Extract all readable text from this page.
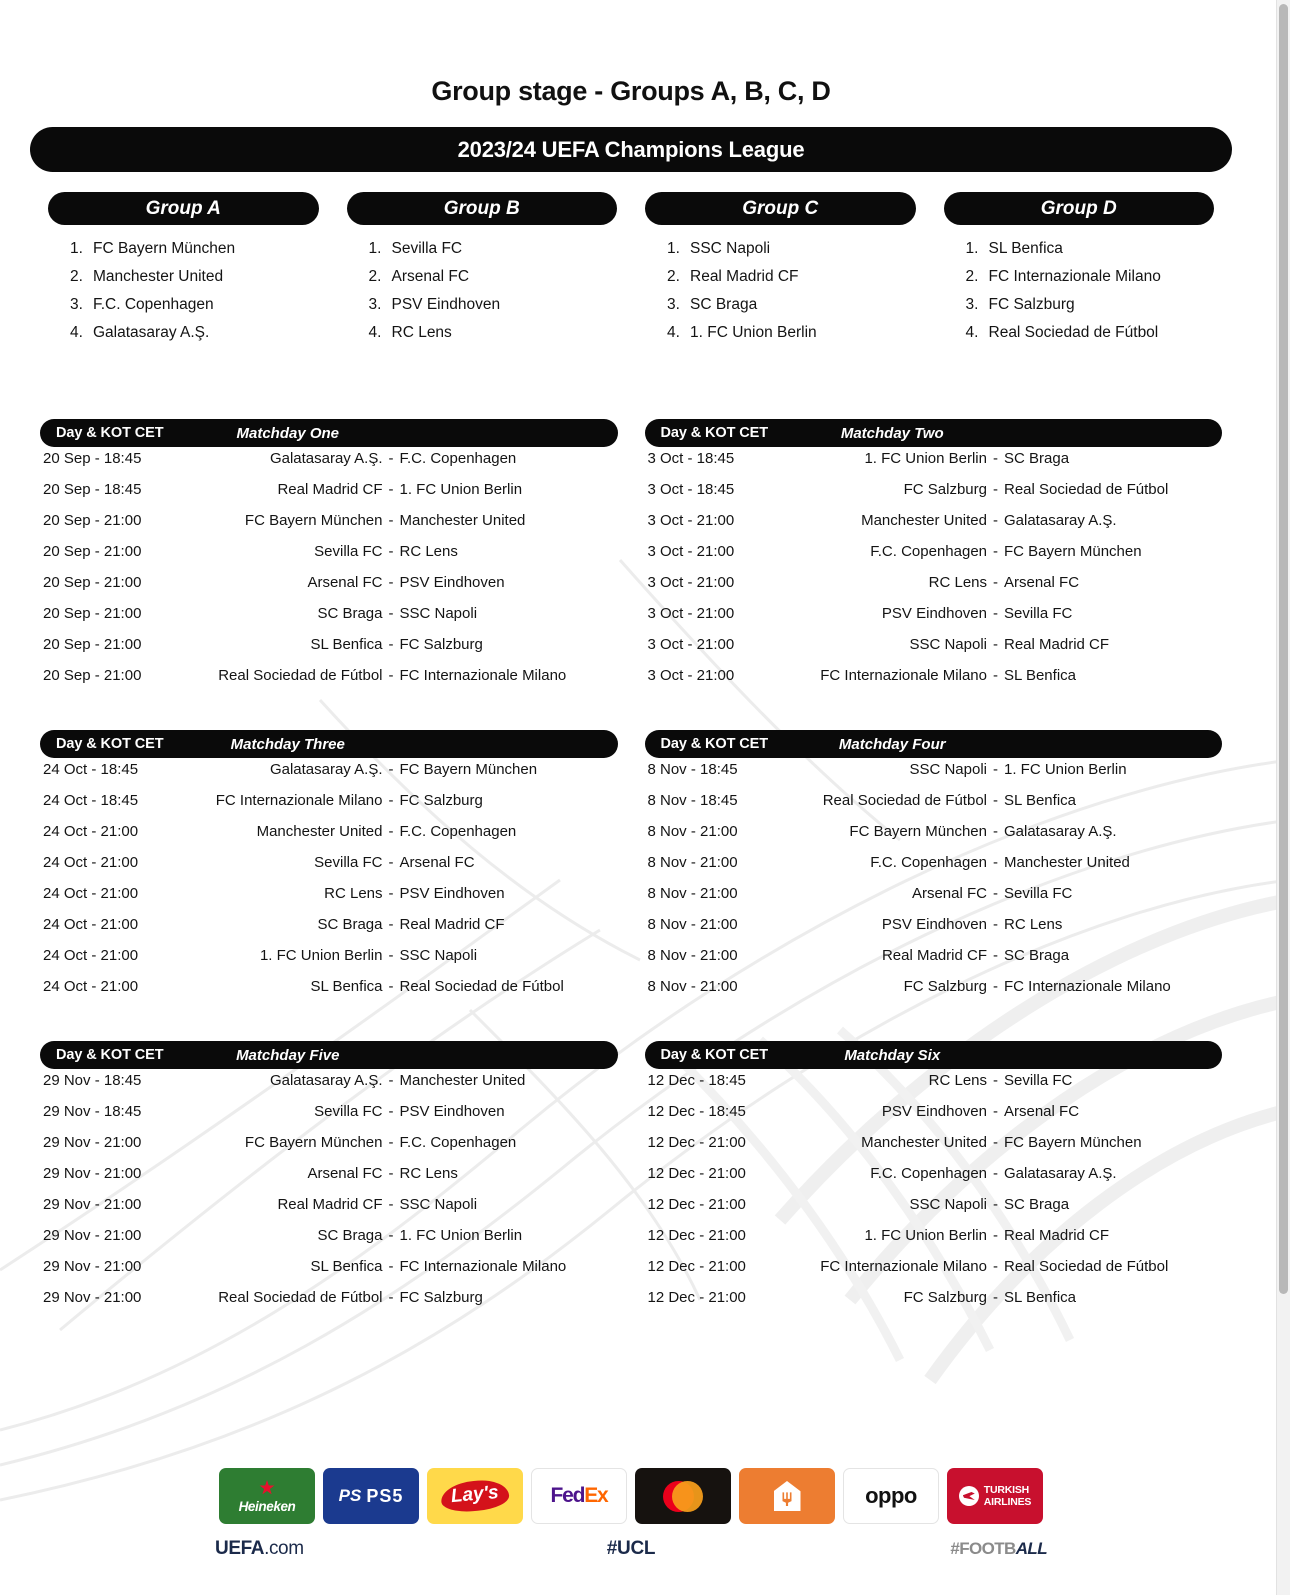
Group stage - Groups A, B, C, D
2023/24 UEFA Champions League
Group A
1. FC Bayern München
2. Manchester United
3. F.C. Copenhagen
4. Galatasaray A.Ş.
Group B
1. Sevilla FC
2. Arsenal FC
3. PSV Eindhoven
4. RC Lens
Group C
1. SSC Napoli
2. Real Madrid CF
3. SC Braga
4. 1. FC Union Berlin
Group D
1. SL Benfica
2. FC Internazionale Milano
3. FC Salzburg
4. Real Sociedad de Fútbol
Day & KOT CET	Matchday One
20 Sep - 18:45	Galatasaray A.Ş. - F.C. Copenhagen
20 Sep - 18:45	Real Madrid CF - 1. FC Union Berlin
20 Sep - 21:00	FC Bayern München - Manchester United
20 Sep - 21:00	Sevilla FC - RC Lens
20 Sep - 21:00	Arsenal FC - PSV Eindhoven
20 Sep - 21:00	SC Braga - SSC Napoli
20 Sep - 21:00	SL Benfica - FC Salzburg
20 Sep - 21:00	Real Sociedad de Fútbol - FC Internazionale Milano
Day & KOT CET	Matchday Two
3 Oct - 18:45	1. FC Union Berlin - SC Braga
3 Oct - 18:45	FC Salzburg - Real Sociedad de Fútbol
3 Oct - 21:00	Manchester United - Galatasaray A.Ş.
3 Oct - 21:00	F.C. Copenhagen - FC Bayern München
3 Oct - 21:00	RC Lens - Arsenal FC
3 Oct - 21:00	PSV Eindhoven - Sevilla FC
3 Oct - 21:00	SSC Napoli - Real Madrid CF
3 Oct - 21:00	FC Internazionale Milano - SL Benfica
Day & KOT CET	Matchday Three
24 Oct - 18:45	Galatasaray A.Ş. - FC Bayern München
24 Oct - 18:45	FC Internazionale Milano - FC Salzburg
24 Oct - 21:00	Manchester United - F.C. Copenhagen
24 Oct - 21:00	Sevilla FC - Arsenal FC
24 Oct - 21:00	RC Lens - PSV Eindhoven
24 Oct - 21:00	SC Braga - Real Madrid CF
24 Oct - 21:00	1. FC Union Berlin - SSC Napoli
24 Oct - 21:00	SL Benfica - Real Sociedad de Fútbol
Day & KOT CET	Matchday Four
8 Nov - 18:45	SSC Napoli - 1. FC Union Berlin
8 Nov - 18:45	Real Sociedad de Fútbol - SL Benfica
8 Nov - 21:00	FC Bayern München - Galatasaray A.Ş.
8 Nov - 21:00	F.C. Copenhagen - Manchester United
8 Nov - 21:00	Arsenal FC - Sevilla FC
8 Nov - 21:00	PSV Eindhoven - RC Lens
8 Nov - 21:00	Real Madrid CF - SC Braga
8 Nov - 21:00	FC Salzburg - FC Internazionale Milano
Day & KOT CET	Matchday Five
29 Nov - 18:45	Galatasaray A.Ş. - Manchester United
29 Nov - 18:45	Sevilla FC - PSV Eindhoven
29 Nov - 21:00	FC Bayern München - F.C. Copenhagen
29 Nov - 21:00	Arsenal FC - RC Lens
29 Nov - 21:00	Real Madrid CF - SSC Napoli
29 Nov - 21:00	SC Braga - 1. FC Union Berlin
29 Nov - 21:00	SL Benfica - FC Internazionale Milano
29 Nov - 21:00	Real Sociedad de Fútbol - FC Salzburg
Day & KOT CET	Matchday Six
12 Dec - 18:45	RC Lens - Sevilla FC
12 Dec - 18:45	PSV Eindhoven - Arsenal FC
12 Dec - 21:00	Manchester United - FC Bayern München
12 Dec - 21:00	F.C. Copenhagen - Galatasaray A.Ş.
12 Dec - 21:00	SSC Napoli - SC Braga
12 Dec - 21:00	1. FC Union Berlin - Real Madrid CF
12 Dec - 21:00	FC Internazionale Milano - Real Sociedad de Fútbol
12 Dec - 21:00	FC Salzburg - SL Benfica
★
Heineken
PS PS5	Lay's	Fed Ex	oppo	TURKISH
AIRLINES
UEFA.com	#UCL	#FOOTBALL
